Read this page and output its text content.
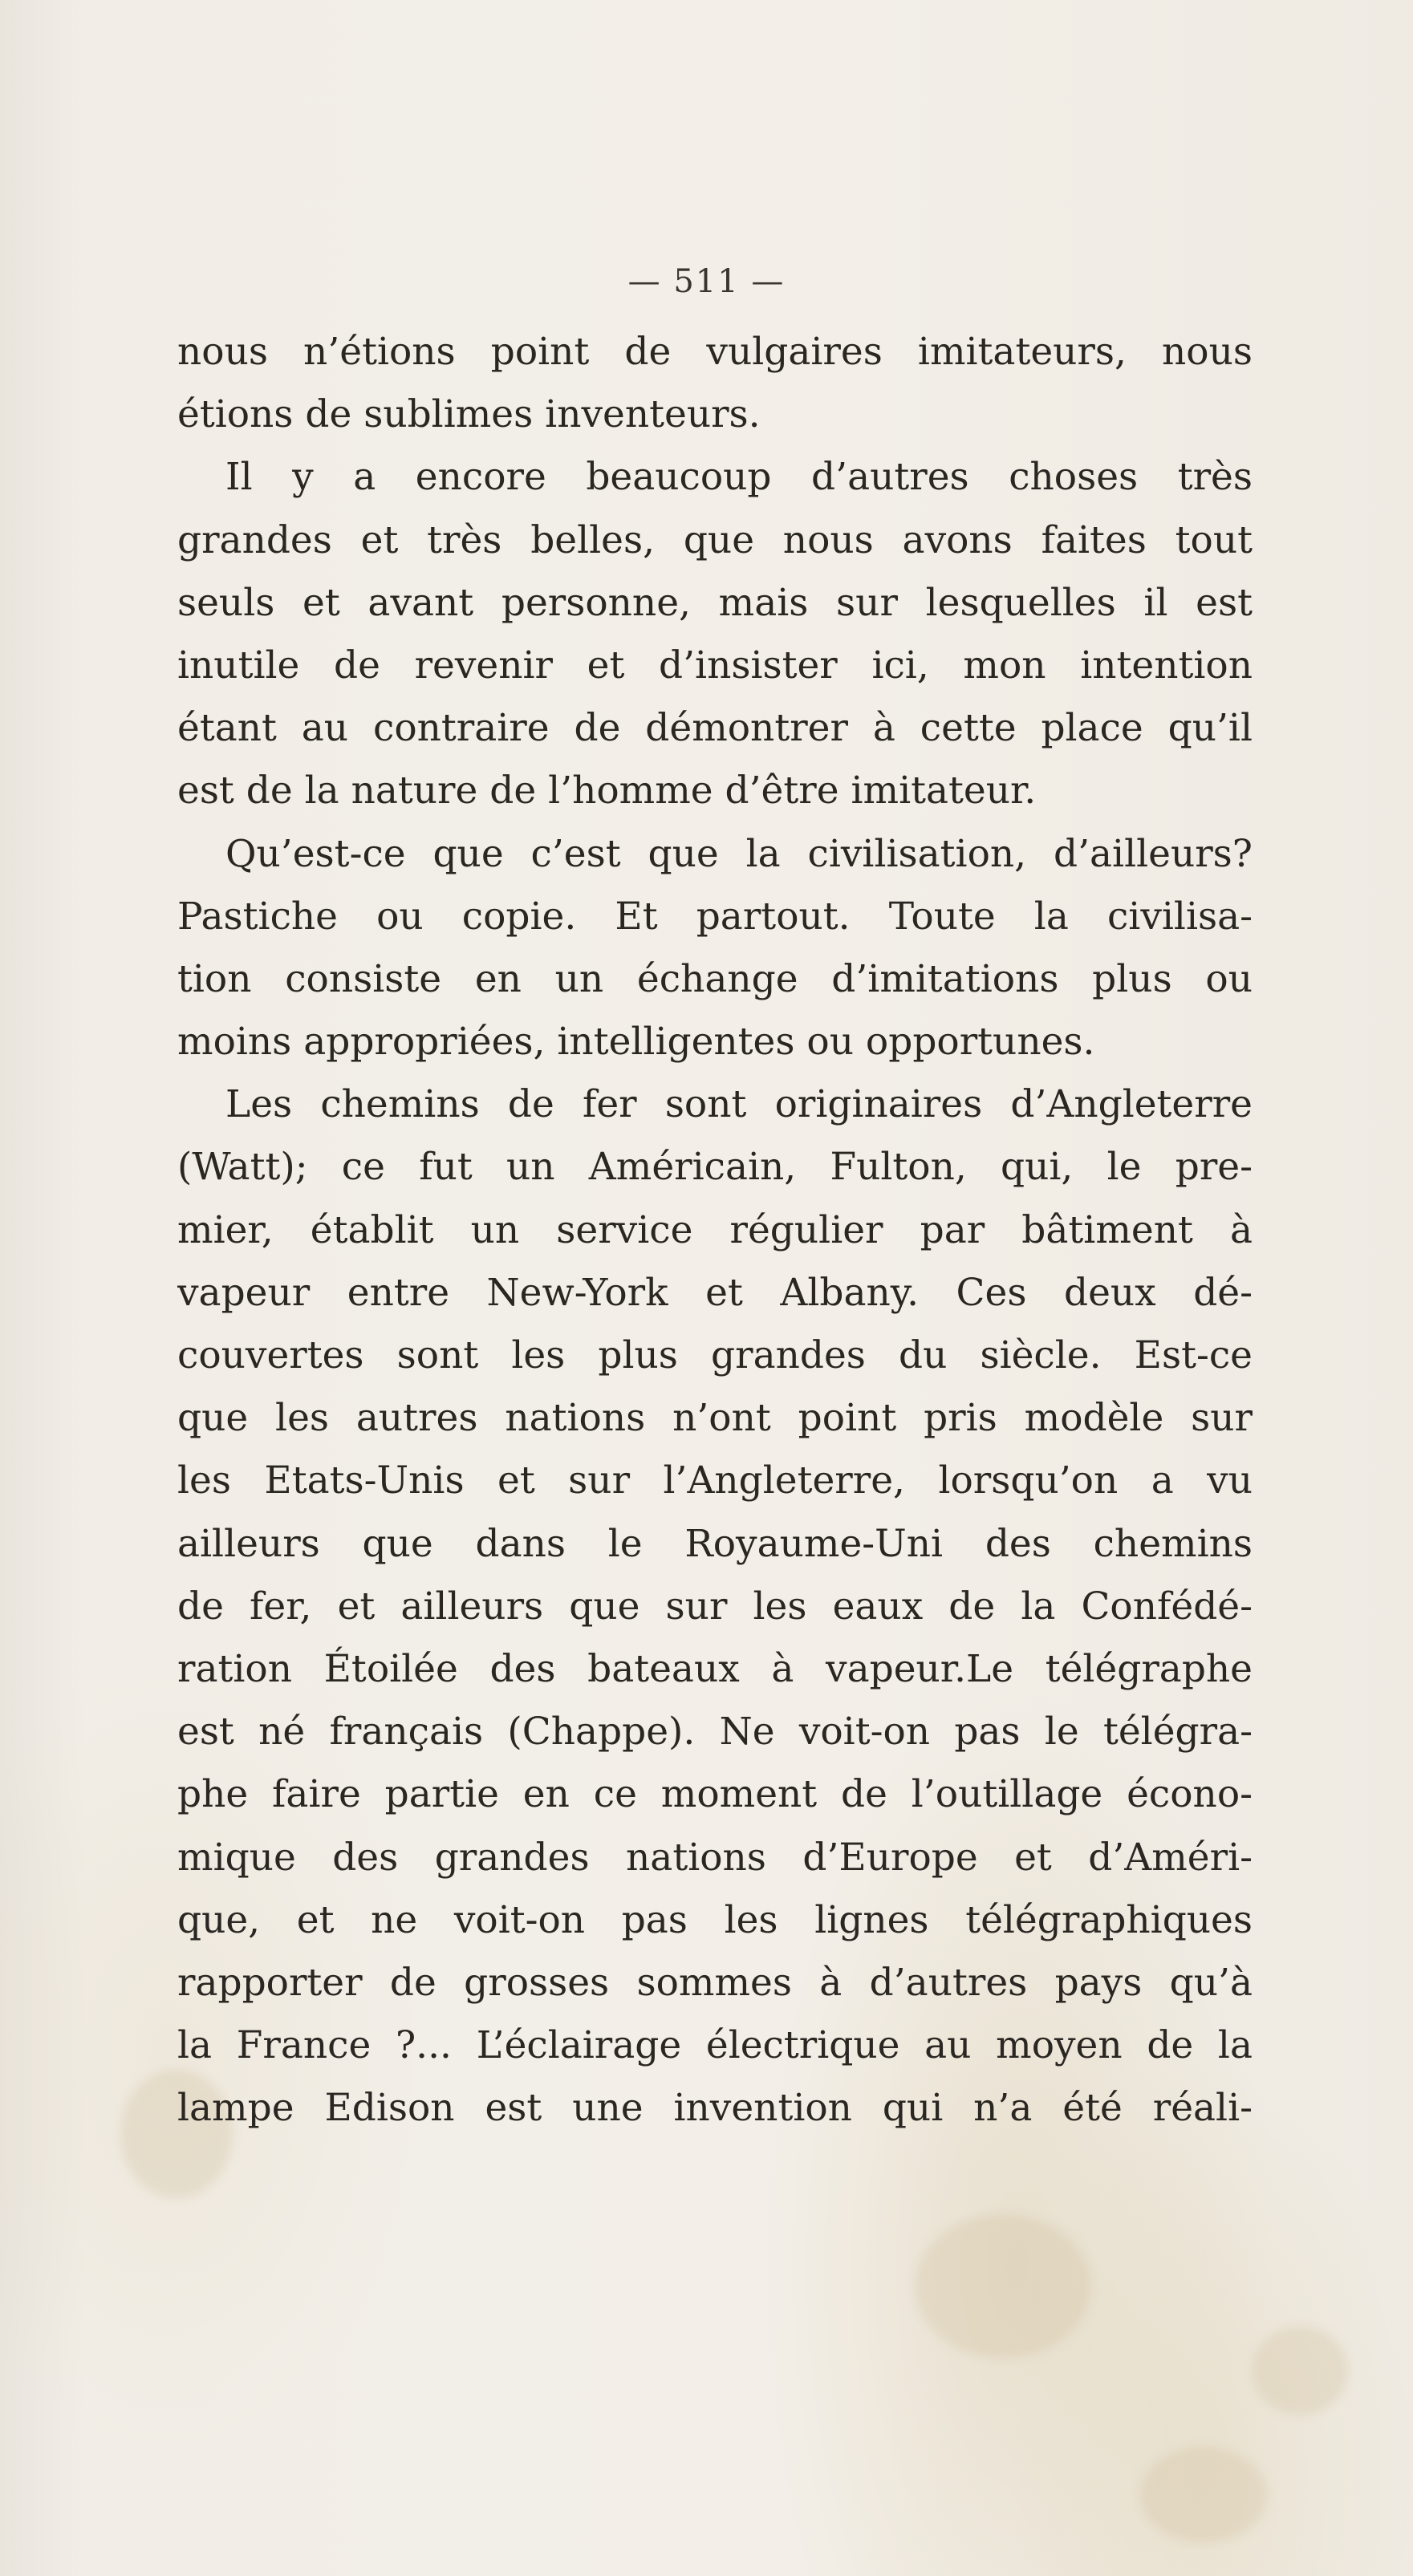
— 511 —
nous n’étions point de vulgaires imitateurs, nous
étions de sublimes inventeurs.
Il y a encore beaucoup d’autres choses très
grandes et très belles, que nous avons faites tout
seuls et avant personne, mais sur lesquelles il est
inutile de revenir et d’insister ici, mon intention
étant au contraire de démontrer à cette place qu’il
est de la nature de l’homme d’être imitateur.
Qu’est-ce que c’est que la civilisation, d’ailleurs?
Pastiche ou copie. Et partout. Toute la civilisa-
tion consiste en un échange d’imitations plus ou
moins appropriées, intelligentes ou opportunes.
Les chemins de fer sont originaires d’Angleterre
(Watt); ce fut un Américain, Fulton, qui, le pre-
mier, établit un service régulier par bâtiment à
vapeur entre New-York et Albany. Ces deux dé-
couvertes sont les plus grandes du siècle. Est-ce
que les autres nations n’ont point pris modèle sur
les Etats-Unis et sur l’Angleterre, lorsqu’on a vu
ailleurs que dans le Royaume-Uni des chemins
de fer, et ailleurs que sur les eaux de la Confédé-
ration Étoilée des bateaux à vapeur.Le télégraphe
est né français (Chappe). Ne voit-on pas le télégra-
phe faire partie en ce moment de l’outillage écono-
mique des grandes nations d’Europe et d’Améri-
que, et ne voit-on pas les lignes télégraphiques
rapporter de grosses sommes à d’autres pays qu’à
la France ?... L’éclairage électrique au moyen de la
lampe Edison est une invention qui n’a été réali-
